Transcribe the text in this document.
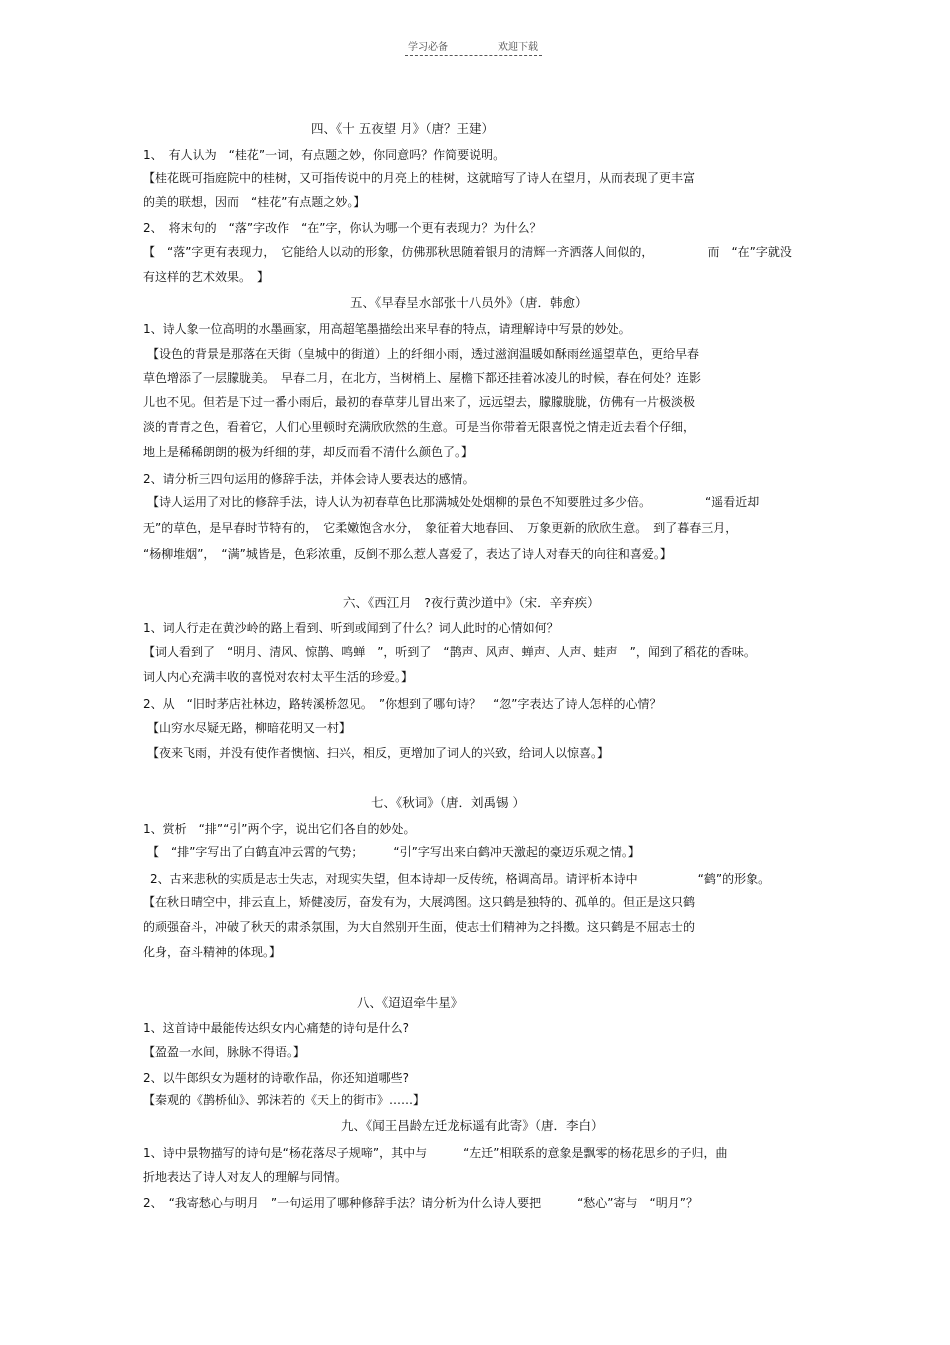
学习必备	欢迎下载
四、《十 五夜望 月》（唐？王建）
1、　有人认为　“桂花”一词，有点题之妙，你同意吗？作简要说明。
【桂花既可指庭院中的桂树，又可指传说中的月亮上的桂树，这就暗写了诗人在望月，从而表现了更丰富
的美的联想，因而　“桂花”有点题之妙。】
2、　将末句的　“落”字改作　“在”字，你认为哪一个更有表现力？为什么？
【　“落”字更有表现力，　它能给人以动的形象，仿佛那秋思随着银月的清辉一齐洒落人间似的，　　　　　而　“在”字就没
有这样的艺术效果。　】
五、《早春呈水部张十八员外》（唐．韩愈）
1、诗人象一位高明的水墨画家，用高超笔墨描绘出来早春的特点，请理解诗中写景的妙处。
【设色的背景是那落在天街（皇城中的街道）上的纤细小雨，透过滋润温暖如酥雨丝遥望草色，更给早春
草色增添了一层朦胧美。　早春二月，在北方，当树梢上、屋檐下都还挂着冰凌儿的时候，春在何处？连影
儿也不见。但若是下过一番小雨后，最初的春草芽儿冒出来了，远远望去，朦朦胧胧，仿佛有一片极淡极
淡的青青之色，看着它，人们心里顿时充满欣欣然的生意。可是当你带着无限喜悦之情走近去看个仔细，
地上是稀稀朗朗的极为纤细的芽，却反而看不清什么颜色了。】
2、请分析三四句运用的修辞手法，并体会诗人要表达的感情。
【诗人运用了对比的修辞手法，诗人认为初春草色比那满城处处烟柳的景色不知要胜过多少倍。　　　　　“遥看近却
无”的草色，是早春时节特有的，　它柔嫩饱含水分，　象征着大地春回、　万象更新的欣欣生意。　到了暮春三月，
“杨柳堆烟”，　“满”城皆是，色彩浓重，反倒不那么惹人喜爱了，表达了诗人对春天的向往和喜爱。】
六、《西江月　?夜行黄沙道中》（宋．辛弃疾）
1、词人行走在黄沙岭的路上看到、听到或闻到了什么？词人此时的心情如何？
【词人看到了　“明月、清风、惊鹊、鸣蝉　”，听到了　“鹊声、风声、蝉声、人声、蛙声　”，闻到了稻花的香味。
词人内心充满丰收的喜悦对农村太平生活的珍爱。】
2、从　“旧时茅店社林边，路转溪桥忽见。　”你想到了哪句诗？　“忽”字表达了诗人怎样的心情？
【山穷水尽疑无路，柳暗花明又一村】
【夜来飞雨，并没有使作者懊恼、扫兴，相反，更增加了词人的兴致，给词人以惊喜。】
七、《秋词》（唐．刘禹锡 ）
1、赏析　“排”“引”两个字，说出它们各自的妙处。
【　“排”字写出了白鹤直冲云霄的气势；　　　“引”字写出来白鹤冲天激起的豪迈乐观之情。】
2、古来悲秋的实质是志士失志，对现实失望，但本诗却一反传统，格调高昂。请评析本诗中　　　　　“鹤”的形象。
【在秋日晴空中，排云直上，矫健凌厉，奋发有为，大展鸿图。这只鹤是独特的、孤单的。但正是这只鹤
的顽强奋斗，冲破了秋天的肃杀氛围，为大自然别开生面，使志士们精神为之抖擞。这只鹤是不屈志士的
化身，奋斗精神的体现。】
八、《迢迢牵牛星》
1、这首诗中最能传达织女内心痛楚的诗句是什么?
【盈盈一水间，脉脉不得语。】
2、以牛郎织女为题材的诗歌作品，你还知道哪些?
【秦观的《鹊桥仙》、郭沫若的《天上的街市》……】
九、《闻王昌龄左迁龙标遥有此寄》（唐．李白）
1、诗中景物描写的诗句是“杨花落尽子规啼”，其中与　　　“左迁”相联系的意象是飘零的杨花思乡的子归，曲
折地表达了诗人对友人的理解与同情。
2、　“我寄愁心与明月　”一句运用了哪种修辞手法？请分析为什么诗人要把　　　“愁心”寄与　“明月”？
